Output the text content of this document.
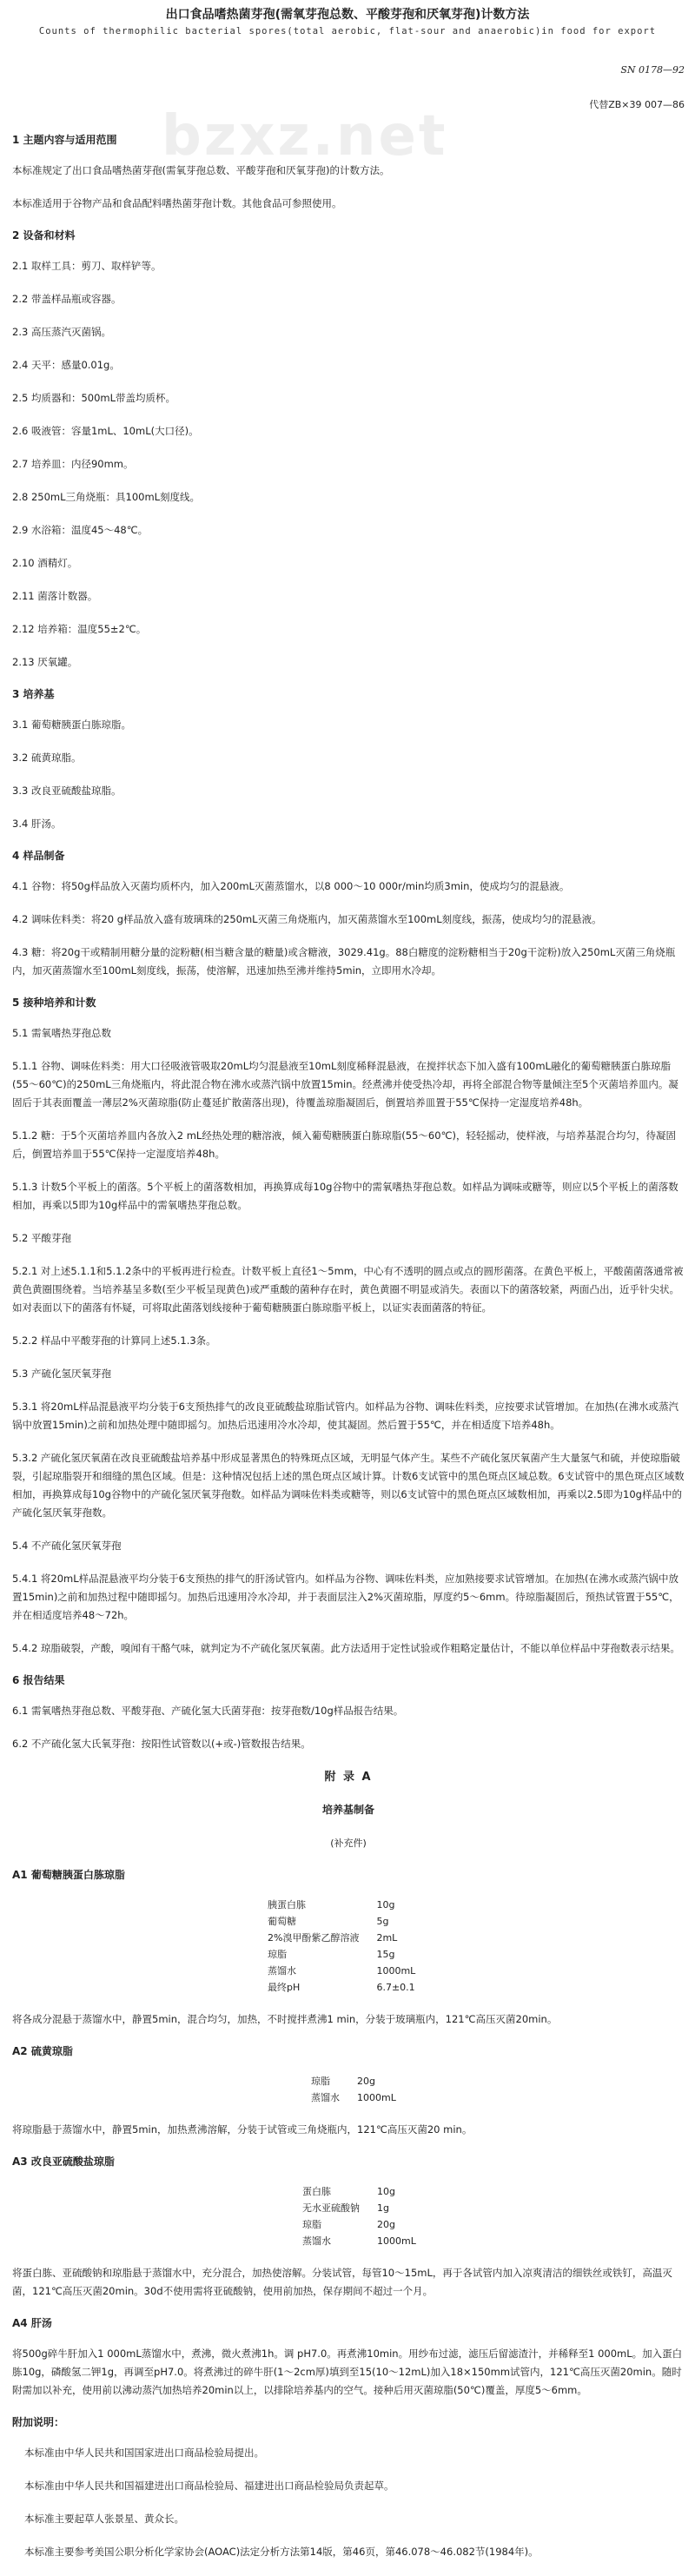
出口食品嗜热菌芽孢(需氧芽孢总数、平酸芽孢和厌氧芽孢)计数方法
Counts of thermophilic bacterial spores(total aerobic, flat-sour and anaerobic)in food for export
SN 0178—92
bzxz.net	代替ZB×39 007—86
1 主题内容与适用范围
本标准规定了出口食品嗜热菌芽孢(需氧芽孢总数、平酸芽孢和厌氧芽孢)的计数方法。
本标准适用于谷物产品和食品配料嗜热菌芽孢计数。其他食品可参照使用。
2 设备和材料
2.1 取样工具：剪刀、取样铲等。
2.2 带盖样品瓶或容器。
2.3 高压蒸汽灭菌锅。
2.4 天平：感量0.01g。
2.5 均质器和：500mL带盖均质杯。
2.6 吸液管：容量1mL、10mL(大口径)。
2.7 培养皿：内径90mm。
2.8 250mL三角烧瓶：具100mL刻度线。
2.9 水浴箱：温度45～48℃。
2.10 酒精灯。
2.11 菌落计数器。
2.12 培养箱：温度55±2℃。
2.13 厌氧罐。
3 培养基
3.1 葡萄糖胰蛋白胨琼脂。
3.2 硫黄琼脂。
3.3 改良亚硫酸盐琼脂。
3.4 肝汤。
4 样品制备
4.1 谷物：将50g样品放入灭菌均质杯内，加入200mL灭菌蒸馏水，以8 000～10 000r/min均质3min，使成均匀的混悬液。
4.2 调味佐料类：将20 g样品放入盛有玻璃珠的250mL灭菌三角烧瓶内，加灭菌蒸馏水至100mL刻度线，振荡，使成均匀的混悬液。
4.3 糖：将20g干或精制用糖分量的淀粉糖(相当糖含量的糖量)或含糖液，3029.41g。88白糖度的淀粉糖相当于20g干淀粉)放入250mL灭菌三角烧瓶内，加灭菌蒸馏水至100mL刻度线，振荡，使溶解，迅速加热至沸并维持5min，立即用水冷却。
5 接种培养和计数
5.1 需氧嗜热芽孢总数
5.1.1 谷物、调味佐料类：用大口径吸液管吸取20mL均匀混悬液至10mL刻度稀释混悬液，在搅拌状态下加入盛有100mL融化的葡萄糖胰蛋白胨琼脂(55～60℃)的250mL三角烧瓶内，将此混合物在沸水或蒸汽锅中放置15min。经煮沸并使受热冷却，再将全部混合物等量倾注至5个灭菌培养皿内。凝固后于其表面覆盖一薄层2%灭菌琼脂(防止蔓延扩散菌落出现)，待覆盖琼脂凝固后，倒置培养皿置于55℃保持一定湿度培养48h。
5.1.2 糖：于5个灭菌培养皿内各放入2 mL经热处理的糖溶液，倾入葡萄糖胰蛋白胨琼脂(55～60℃)，轻轻摇动，使样液，与培养基混合均匀，待凝固后，倒置培养皿于55℃保持一定湿度培养48h。
5.1.3 计数5个平板上的菌落。5个平板上的菌落数相加，再换算成每10g谷物中的需氧嗜热芽孢总数。如样品为调味或糖等，则应以5个平板上的菌落数相加，再乘以5即为10g样品中的需氧嗜热芽孢总数。
5.2 平酸芽孢
5.2.1 对上述5.1.1和5.1.2条中的平板再进行检查。计数平板上直径1～5mm，中心有不透明的圆点或点的圆形菌落。在黄色平板上，平酸菌菌落通常被黄色黄圈围绕着。当培养基呈多数(至少平板呈现黄色)或严重酸的菌种存在时，黄色黄圈不明显或消失。表面以下的菌落较紧，两面凸出，近乎针尖状。如对表面以下的菌落有怀疑，可将取此菌落划线接种于葡萄糖胰蛋白胨琼脂平板上，以证实表面菌落的特征。
5.2.2 样品中平酸芽孢的计算同上述5.1.3条。
5.3 产硫化氢厌氧芽孢
5.3.1 将20mL样品混悬液平均分装于6支预热排气的改良亚硫酸盐琼脂试管内。如样品为谷物、调味佐料类，应按要求试管增加。在加热(在沸水或蒸汽锅中放置15min)之前和加热处理中随即摇匀。加热后迅速用冷水冷却，使其凝固。然后置于55℃，并在相适度下培养48h。
5.3.2 产硫化氢厌氧菌在改良亚硫酸盐培养基中形成显著黑色的特殊斑点区域，无明显气体产生。某些不产硫化氢厌氧菌产生大量氢气和硫，并使琼脂破裂，引起琼脂裂开和细缝的黑色区域。但是：这种情况包括上述的黑色斑点区域计算。计数6支试管中的黑色斑点区域总数。6支试管中的黑色斑点区域数相加，再换算成每10g谷物中的产硫化氢厌氧芽孢数。如样品为调味佐料类或糖等，则以6支试管中的黑色斑点区域数相加，再乘以2.5即为10g样品中的产硫化氢厌氧芽孢数。
5.4 不产硫化氢厌氧芽孢
5.4.1 将20mL样品混悬液平均分装于6支预热的排气的肝汤试管内。如样品为谷物、调味佐料类，应加熟接要求试管增加。在加热(在沸水或蒸汽锅中放置15min)之前和加热过程中随即摇匀。加热后迅速用冷水冷却，并于表面层注入2%灭菌琼脂，厚度约5～6mm。待琼脂凝固后，预热试管置于55℃，并在相适度培养48～72h。
5.4.2 琼脂破裂，产酸，嗅闻有干酪气味，就判定为不产硫化氢厌氧菌。此方法适用于定性试验或作粗略定量估计，不能以单位样品中芽孢数表示结果。
6 报告结果
6.1 需氧嗜热芽孢总数、平酸芽孢、产硫化氢大氏菌芽孢：按芽孢数/10g样品报告结果。
6.2 不产硫化氢大氏氧芽孢：按阳性试管数以(+或-)管数报告结果。
附 录 A
培养基制备
(补充件)
A1 葡萄糖胰蛋白胨琼脂
胰蛋白胨	10g
葡萄糖	5g
2%溴甲酚紫乙醇溶液	2mL
琼脂	15g
蒸馏水	1000mL
最终pH	6.7±0.1
将各成分混悬于蒸馏水中，静置5min，混合均匀，加热，不时搅拌煮沸1 min，分装于玻璃瓶内，121℃高压灭菌20min。
A2 硫黄琼脂
琼脂	20g
蒸馏水	1000mL
将琼脂悬于蒸馏水中，静置5min，加热煮沸溶解，分装于试管或三角烧瓶内，121℃高压灭菌20 min。
A3 改良亚硫酸盐琼脂
蛋白胨	10g
无水亚硫酸钠	1g
琼脂	20g
蒸馏水	1000mL
将蛋白胨、亚硫酸钠和琼脂悬于蒸馏水中，充分混合，加热使溶解。分装试管，每管10～15mL，再于各试管内加入凉爽清洁的细铁丝或铁钉，高温灭菌，121℃高压灭菌20min。30d不使用需将亚硫酸钠，使用前加热，保存期间不超过一个月。
A4 肝汤
将500g碎牛肝加入1 000mL蒸馏水中，煮沸，微火煮沸1h。调 pH7.0。再煮沸10min。用纱布过滤，滤压后留滤渣汁，并稀释至1 000mL。加入蛋白胨10g，磷酸氢二钾1g，再调至pH7.0。将煮沸过的碎牛肝(1～2cm厚)填到至15(10～12mL)加入18×150mm试管内，121℃高压灭菌20min。随时附需加以补充，使用前以沸动蒸汽加热培养20min以上，以排除培养基内的空气。接种后用灭菌琼脂(50℃)覆盖，厚度5～6mm。
附加说明：
本标准由中华人民共和国国家进出口商品检验局提出。
本标准由中华人民共和国福建进出口商品检验局、福建进出口商品检验局负责起草。
本标准主要起草人张景星、黄众长。
本标准主要参考美国公职分析化学家协会(AOAC)法定分析方法第14版，第46页，第46.078～46.082节(1984年)。
